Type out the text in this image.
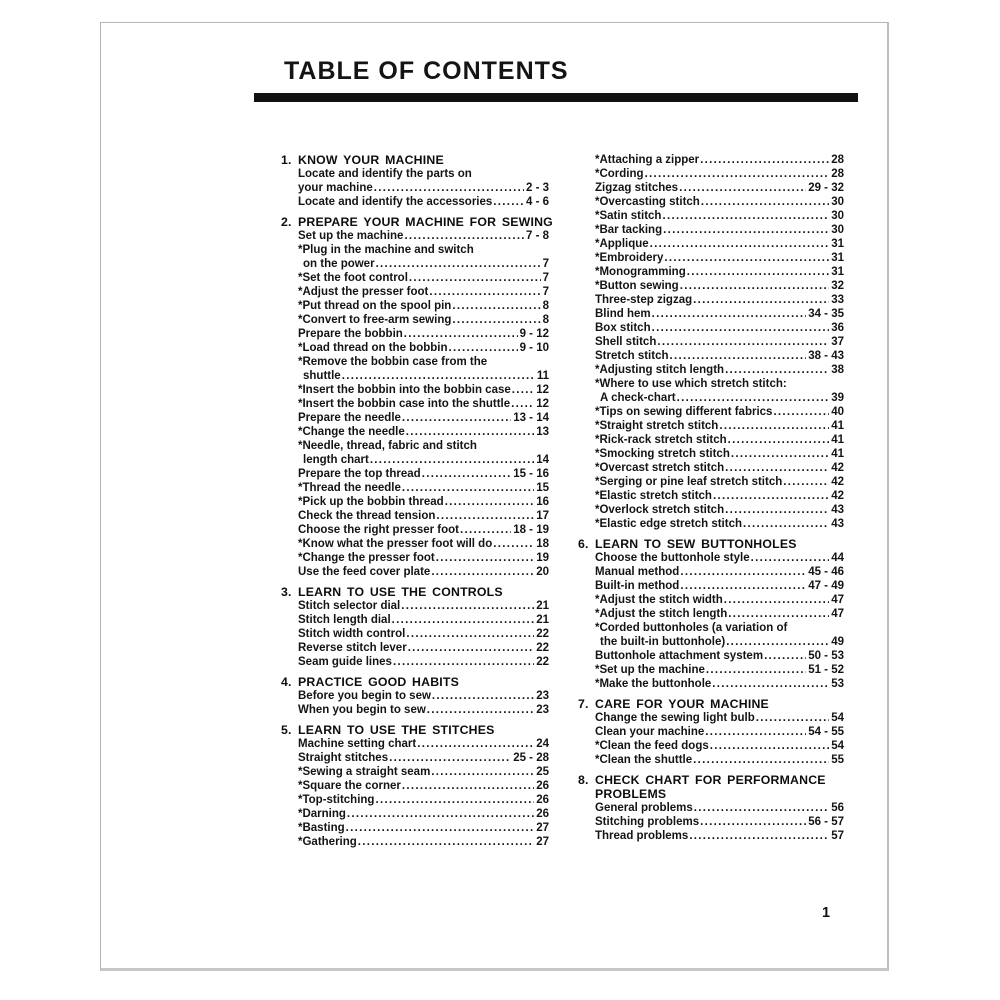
TABLE OF CONTENTS
1. KNOW YOUR MACHINE
Locate and identify the parts on
your machine .....	2 - 3
Locate and identify the accessories .....	4 - 6
2. PREPARE YOUR MACHINE FOR SEWING
Set up the machine .....	7 - 8
*Plug in the machine and switch
on the power .....	7
*Set the foot control .....	7
*Adjust the presser foot .....	7
*Put thread on the spool pin .....	8
*Convert to free-arm sewing .....	8
Prepare the bobbin .....	9 - 12
*Load thread on the bobbin .....	9 - 10
*Remove the bobbin case from the
shuttle .....	11
*Insert the bobbin into the bobbin case ..... 12
*Insert the bobbin case into the shuttle ..... 12
Prepare the needle .....	13 - 14
*Change the needle .....	13
*Needle, thread, fabric and stitch
length chart .....	14
Prepare the top thread .....	15 - 16
*Thread the needle .....	15
*Pick up the bobbin thread .....	16
Check the thread tension .....	17
Choose the right presser foot .....	18 - 19
*Know what the presser foot will do .....	18
*Change the presser foot .....	19
Use the feed cover plate .....	20
3. LEARN TO USE THE CONTROLS
Stitch selector dial .....	21
Stitch length dial .....	21
Stitch width control .....	22
Reverse stitch lever .....	22
Seam guide lines .....	22
4. PRACTICE GOOD HABITS
Before you begin to sew .....	23
When you begin to sew .....	23
5. LEARN TO USE THE STITCHES
Machine setting chart .....	24
Straight stitches .....	25 - 28
*Sewing a straight seam .....	25
*Square the corner .....	26
*Top-stitching .....	26
*Darning .....	26
*Basting .....	27
*Gathering .....	27
*Attaching a zipper .....	28
*Cording .....	28
Zigzag stitches .....	29 - 32
*Overcasting stitch .....	30
*Satin stitch .....	30
*Bar tacking .....	30
*Applique .....	31
*Embroidery .....	31
*Monogramming .....	31
*Button sewing .....	32
Three-step zigzag .....	33
Blind hem .....	34 - 35
Box stitch .....	36
Shell stitch .....	37
Stretch stitch .....	38 - 43
*Adjusting stitch length .....	38
*Where to use which stretch stitch:
A check-chart .....	39
*Tips on sewing different fabrics .....	40
*Straight stretch stitch .....	41
*Rick-rack stretch stitch .....	41
*Smocking stretch stitch .....	41
*Overcast stretch stitch .....	42
*Serging or pine leaf stretch stitch .....	42
*Elastic stretch stitch .....	42
*Overlock stretch stitch .....	43
*Elastic edge stretch stitch .....	43
6. LEARN TO SEW BUTTONHOLES
Choose the buttonhole style .....	44
Manual method .....	45 - 46
Built-in method .....	47 - 49
*Adjust the stitch width .....	47
*Adjust the stitch length .....	47
*Corded buttonholes (a variation of
the built-in buttonhole) .....	49
Buttonhole attachment system .....	50 - 53
*Set up the machine .....	51 - 52
*Make the buttonhole .....	53
7. CARE FOR YOUR MACHINE
Change the sewing light bulb .....	54
Clean your machine .....	54 - 55
*Clean the feed dogs .....	54
*Clean the shuttle .....	55
8. CHECK CHART FOR PERFORMANCE
PROBLEMS
General problems .....	56
Stitching problems .....	56 - 57
Thread problems .....	57
1
